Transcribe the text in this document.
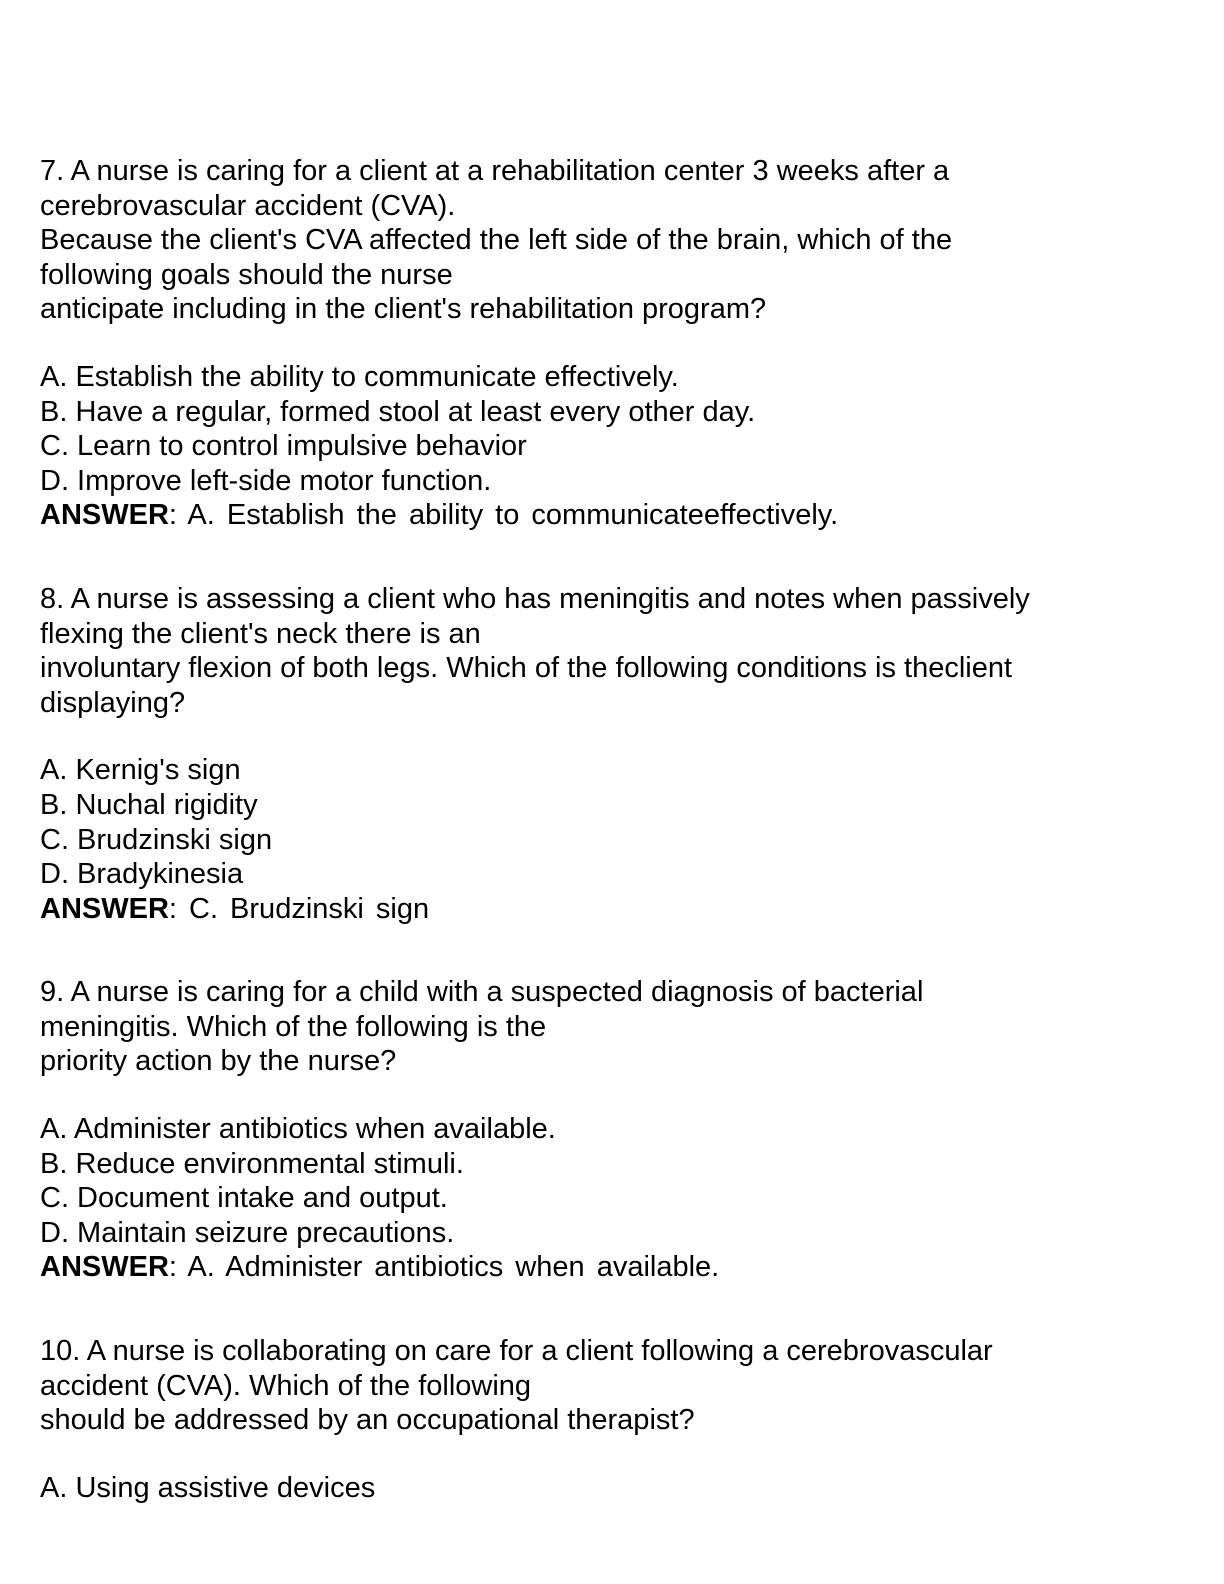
7. A nurse is caring for a client at a rehabilitation center 3 weeks after a
cerebrovascular accident (CVA).
Because the client's CVA affected the left side of the brain, which of the
following goals should the nurse
anticipate including in the client's rehabilitation program?
A. Establish the ability to communicate effectively.
B. Have a regular, formed stool at least every other day.
C. Learn to control impulsive behavior
D. Improve left-side motor function.
ANSWER: A. Establish the ability to communicateeffectively.
8. A nurse is assessing a client who has meningitis and notes when passively
flexing the client's neck there is an
involuntary flexion of both legs. Which of the following conditions is theclient
displaying?
A. Kernig's sign
B. Nuchal rigidity
C. Brudzinski sign
D. Bradykinesia
ANSWER: C. Brudzinski sign
9. A nurse is caring for a child with a suspected diagnosis of bacterial
meningitis. Which of the following is the
priority action by the nurse?
A. Administer antibiotics when available.
B. Reduce environmental stimuli.
C. Document intake and output.
D. Maintain seizure precautions.
ANSWER: A. Administer antibiotics when available.
10. A nurse is collaborating on care for a client following a cerebrovascular
accident (CVA). Which of the following
should be addressed by an occupational therapist?
A. Using assistive devices
